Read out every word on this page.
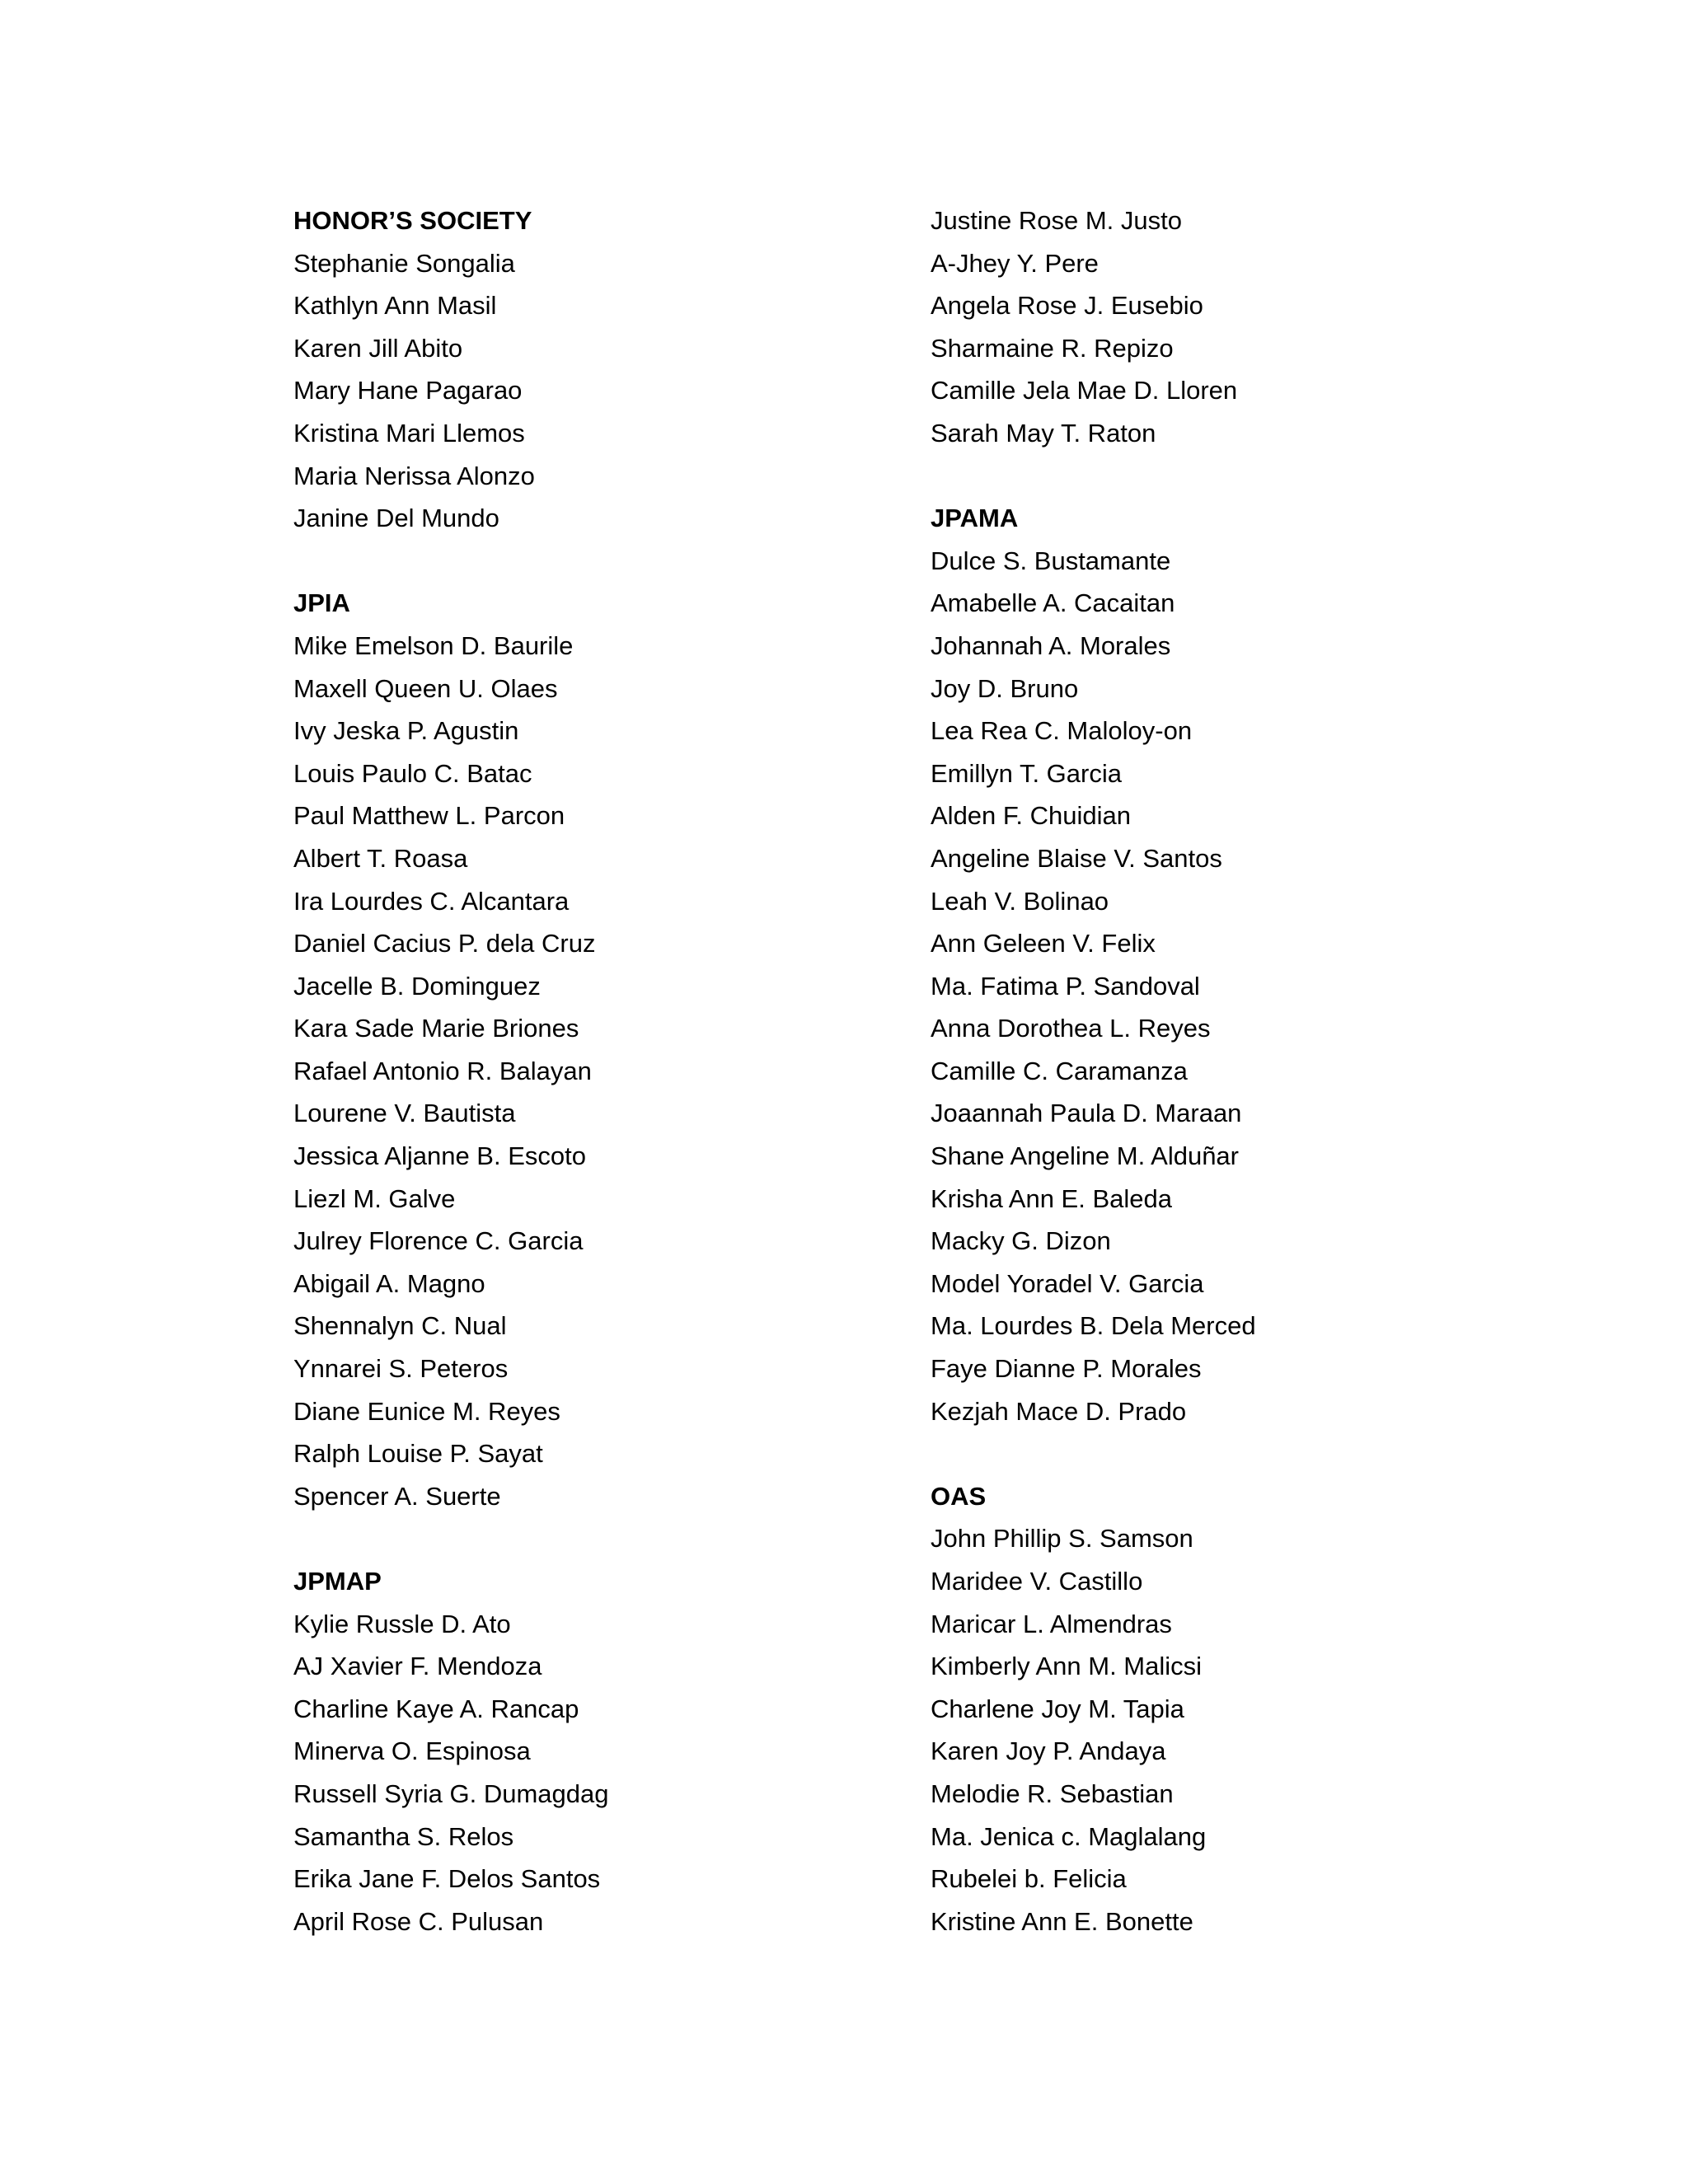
HONOR’S SOCIETY
Stephanie Songalia
Kathlyn Ann Masil
Karen Jill Abito
Mary Hane Pagarao
Kristina Mari Llemos
Maria Nerissa Alonzo
Janine Del Mundo
JPIA
Mike Emelson D. Baurile
Maxell Queen U. Olaes
Ivy Jeska P. Agustin
Louis Paulo C. Batac
Paul Matthew L. Parcon
Albert T. Roasa
Ira Lourdes C. Alcantara
Daniel Cacius P. dela Cruz
Jacelle B. Dominguez
Kara Sade Marie Briones
Rafael Antonio R. Balayan
Lourene V. Bautista
Jessica Aljanne B. Escoto
Liezl M. Galve
Julrey Florence C. Garcia
Abigail A. Magno
Shennalyn C. Nual
Ynnarei S. Peteros
Diane Eunice M. Reyes
Ralph Louise P. Sayat
Spencer A. Suerte
JPMAP
Kylie Russle D. Ato
AJ Xavier F. Mendoza
Charline Kaye A. Rancap
Minerva O. Espinosa
Russell Syria G. Dumagdag
Samantha S. Relos
Erika Jane F. Delos Santos
April Rose C. Pulusan
Justine Rose M. Justo
A-Jhey Y. Pere
Angela Rose J. Eusebio
Sharmaine R. Repizo
Camille Jela Mae D. Lloren
Sarah May T. Raton
JPAMA
Dulce S. Bustamante
Amabelle A. Cacaitan
Johannah A. Morales
Joy D. Bruno
Lea Rea C. Maloloy-on
Emillyn T. Garcia
Alden F. Chuidian
Angeline Blaise V. Santos
Leah V. Bolinao
Ann Geleen V. Felix
Ma. Fatima P. Sandoval
Anna Dorothea L. Reyes
Camille C. Caramanza
Joaannah Paula D. Maraan
Shane Angeline M. Alduñar
Krisha Ann E. Baleda
Macky G. Dizon
Model Yoradel V. Garcia
Ma. Lourdes B. Dela Merced
Faye Dianne P. Morales
Kezjah Mace D. Prado
OAS
John Phillip S. Samson
Maridee V. Castillo
Maricar L. Almendras
Kimberly Ann M. Malicsi
Charlene Joy M. Tapia
Karen Joy P. Andaya
Melodie R. Sebastian
Ma. Jenica c. Maglalang
Rubelei b. Felicia
Kristine Ann E. Bonette
